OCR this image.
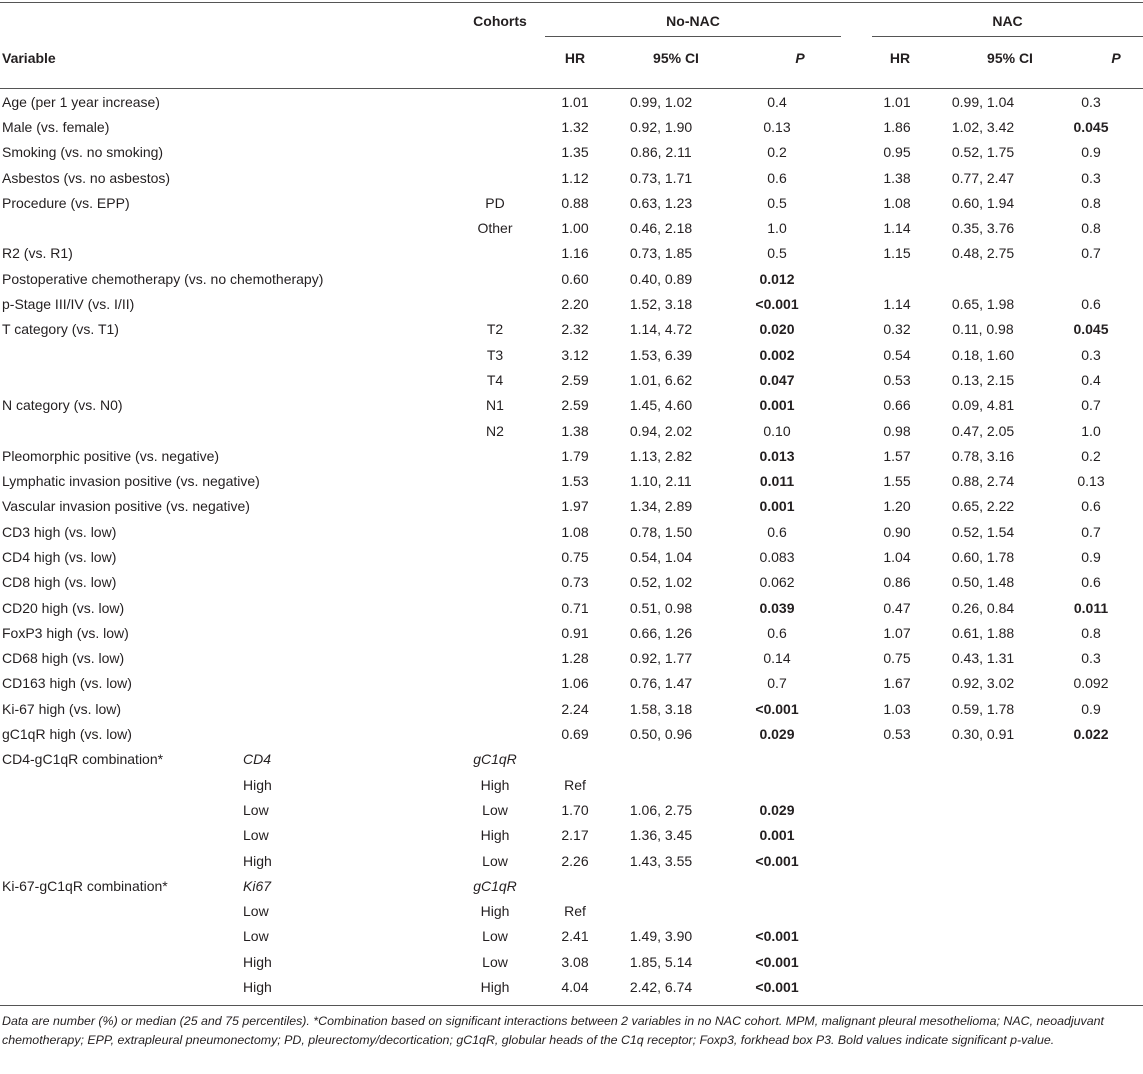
Cohorts	No-NAC	NAC
Variable	HR	95% CI	P	HR	95% CI	P
Age (per 1 year increase)			1.01	0.99, 1.02	0.4		1.01	0.99, 1.04	0.3
Male (vs. female)			1.32	0.92, 1.90	0.13		1.86	1.02, 3.42	0.045
Smoking (vs. no smoking)			1.35	0.86, 2.11	0.2		0.95	0.52, 1.75	0.9
Asbestos (vs. no asbestos)			1.12	0.73, 1.71	0.6		1.38	0.77, 2.47	0.3
Procedure (vs. EPP)		PD	0.88	0.63, 1.23	0.5		1.08	0.60, 1.94	0.8
		Other	1.00	0.46, 2.18	1.0		1.14	0.35, 3.76	0.8
R2 (vs. R1)			1.16	0.73, 1.85	0.5		1.15	0.48, 2.75	0.7
Postoperative chemotherapy (vs. no chemotherapy)			0.60	0.40, 0.89	0.012				
p-Stage III/IV (vs. I/II)			2.20	1.52, 3.18	<0.001		1.14	0.65, 1.98	0.6
T category (vs. T1)		T2	2.32	1.14, 4.72	0.020		0.32	0.11, 0.98	0.045
		T3	3.12	1.53, 6.39	0.002		0.54	0.18, 1.60	0.3
		T4	2.59	1.01, 6.62	0.047		0.53	0.13, 2.15	0.4
N category (vs. N0)		N1	2.59	1.45, 4.60	0.001		0.66	0.09, 4.81	0.7
		N2	1.38	0.94, 2.02	0.10		0.98	0.47, 2.05	1.0
Pleomorphic positive (vs. negative)			1.79	1.13, 2.82	0.013		1.57	0.78, 3.16	0.2
Lymphatic invasion positive (vs. negative)			1.53	1.10, 2.11	0.011		1.55	0.88, 2.74	0.13
Vascular invasion positive (vs. negative)			1.97	1.34, 2.89	0.001		1.20	0.65, 2.22	0.6
CD3 high (vs. low)			1.08	0.78, 1.50	0.6		0.90	0.52, 1.54	0.7
CD4 high (vs. low)			0.75	0.54, 1.04	0.083		1.04	0.60, 1.78	0.9
CD8 high (vs. low)			0.73	0.52, 1.02	0.062		0.86	0.50, 1.48	0.6
CD20 high (vs. low)			0.71	0.51, 0.98	0.039		0.47	0.26, 0.84	0.011
FoxP3 high (vs. low)			0.91	0.66, 1.26	0.6		1.07	0.61, 1.88	0.8
CD68 high (vs. low)			1.28	0.92, 1.77	0.14		0.75	0.43, 1.31	0.3
CD163 high (vs. low)			1.06	0.76, 1.47	0.7		1.67	0.92, 3.02	0.092
Ki-67 high (vs. low)			2.24	1.58, 3.18	<0.001		1.03	0.59, 1.78	0.9
gC1qR high (vs. low)			0.69	0.50, 0.96	0.029		0.53	0.30, 0.91	0.022
CD4-gC1qR combination*	CD4	gC1qR							
	High	High	Ref						
	Low	Low	1.70	1.06, 2.75	0.029				
	Low	High	2.17	1.36, 3.45	0.001				
	High	Low	2.26	1.43, 3.55	<0.001				
Ki-67-gC1qR combination*	Ki67	gC1qR							
	Low	High	Ref						
	Low	Low	2.41	1.49, 3.90	<0.001				
	High	Low	3.08	1.85, 5.14	<0.001				
	High	High	4.04	2.42, 6.74	<0.001				
Data are number (%) or median (25 and 75 percentiles). *Combination based on significant interactions between 2 variables in no NAC cohort. MPM, malignant pleural mesothelioma; NAC, neoadjuvant chemotherapy; EPP, extrapleural pneumonectomy; PD, pleurectomy/decortication; gC1qR, globular heads of the C1q receptor; Foxp3, forkhead box P3. Bold values indicate significant p-value.
